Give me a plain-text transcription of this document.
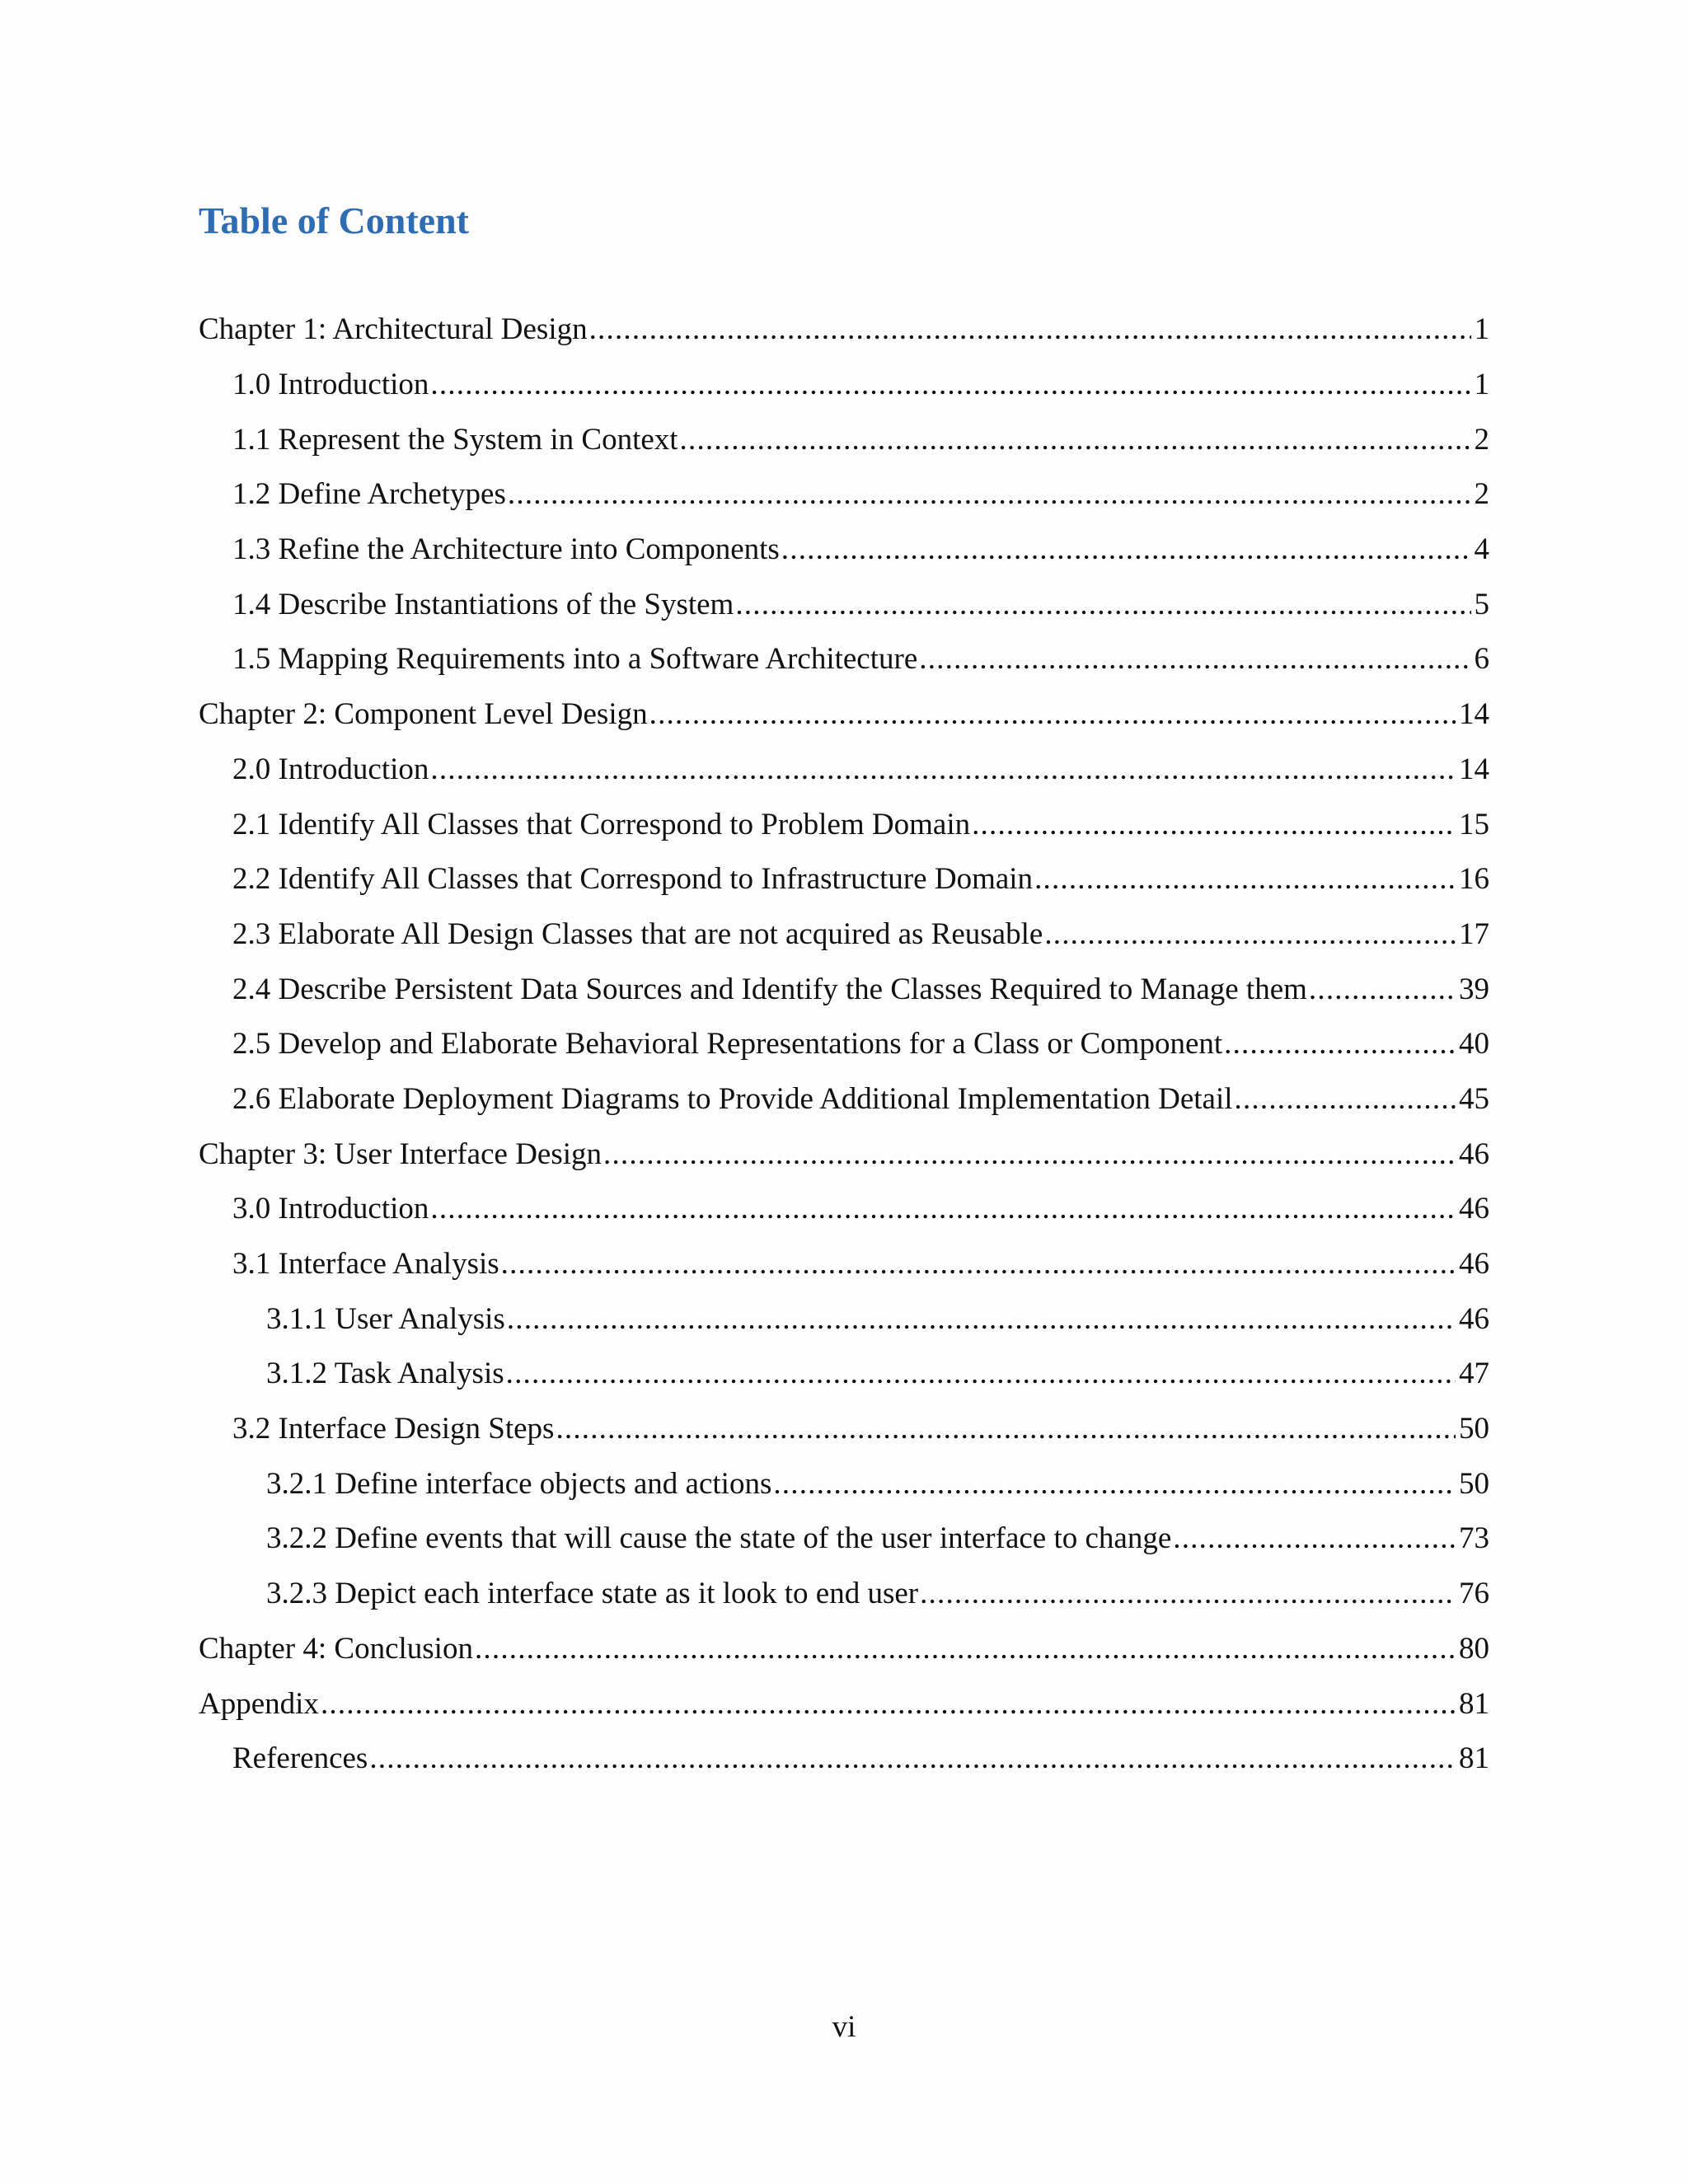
Table of Content
Chapter 1: Architectural Design .....	1
1.0 Introduction .....	1
1.1 Represent the System in Context .....	2
1.2 Define Archetypes .....	2
1.3 Refine the Architecture into Components .....	4
1.4 Describe Instantiations of the System .....	5
1.5 Mapping Requirements into a Software Architecture .....	6
Chapter 2: Component Level Design .....	14
2.0 Introduction .....	14
2.1 Identify All Classes that Correspond to Problem Domain .....	15
2.2 Identify All Classes that Correspond to Infrastructure Domain .....	16
2.3 Elaborate All Design Classes that are not acquired as Reusable .....	17
2.4 Describe Persistent Data Sources and Identify the Classes Required to Manage them .....	39
2.5 Develop and Elaborate Behavioral Representations for a Class or Component .....	40
2.6 Elaborate Deployment Diagrams to Provide Additional Implementation Detail .....	45
Chapter 3: User Interface Design .....	46
3.0 Introduction .....	46
3.1 Interface Analysis .....	46
3.1.1 User Analysis .....	46
3.1.2 Task Analysis .....	47
3.2 Interface Design Steps .....	50
3.2.1 Define interface objects and actions .....	50
3.2.2 Define events that will cause the state of the user interface to change .....	73
3.2.3 Depict each interface state as it look to end user .....	76
Chapter 4: Conclusion .....	80
Appendix .....	81
References .....	81
vi
